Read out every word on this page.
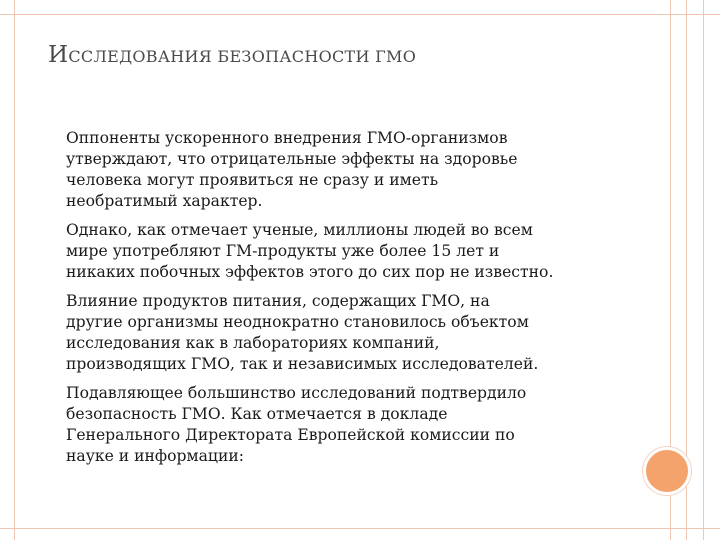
ИССЛЕДОВАНИЯ БЕЗОПАСНОСТИ ГМО

Оппоненты ускоренного внедрения ГМО-организмов
утверждают, что отрицательные эффекты на здоровье
человека могут проявиться не сразу и иметь
необратимый характер.

Однако, как отмечает ученые, миллионы людей во всем
мире употребляют ГМ-продукты уже более 15 лет и
никаких побочных эффектов этого до сих пор не известно.

Влияние продуктов питания, содержащих ГМО, на
другие организмы неоднократно становилось объектом
исследования как в лабораториях компаний,
производящих ГМО, так и независимых исследователей.

Подавляющее большинство исследований подтвердило
безопасность ГМО. Как отмечается в докладе
Генерального Директората Европейской комиссии по
науке и информации:
